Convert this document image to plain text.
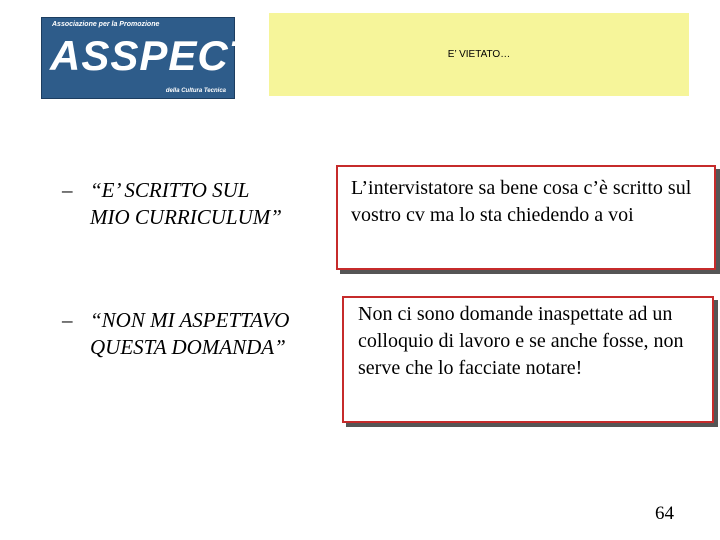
Associazione per la Promozione
ASSPECT
della Cultura Tecnica
E’ VIETATO…
– “E’ SCRITTO SUL
MIO CURRICULUM”
L’intervistatore sa bene cosa c’è scritto sul vostro cv ma lo sta chiedendo a voi
– “NON MI ASPETTAVO
QUESTA DOMANDA”
Non ci sono domande inaspettate ad un colloquio di lavoro e se anche fosse, non serve che lo facciate notare!
64
